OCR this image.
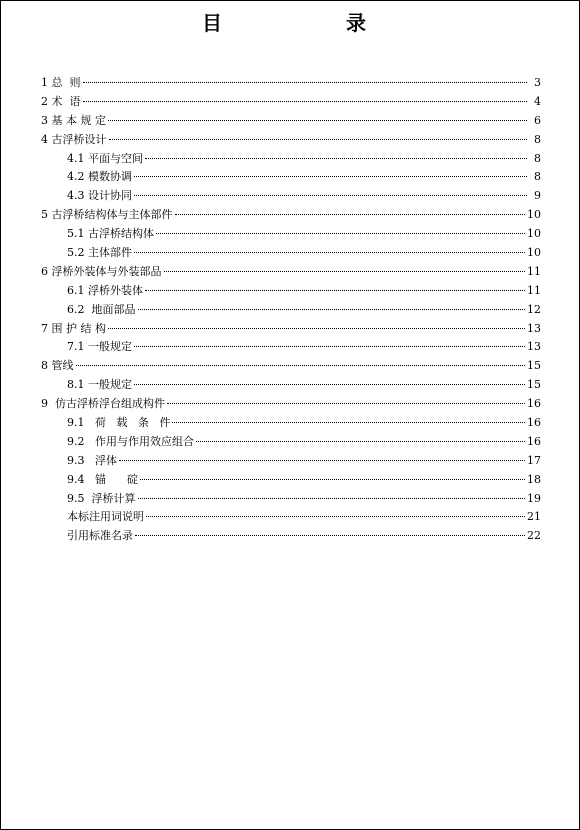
目　　录
1 总  则	3
2 术  语	4
3 基 本 规 定	6
4 古浮桥设计	8
4.1 平面与空间	8
4.2 模数协调	8
4.3 设计协同	9
5 古浮桥结构体与主体部件	10
5.1 古浮桥结构体	10
5.2 主体部件	10
6 浮桥外装体与外装部品	11
6.1 浮桥外装体	11
6.2  地面部品	12
7 围 护 结 构	13
7.1 一般规定	13
8 管线	15
8.1 一般规定	15
9  仿古浮桥浮台组成构件	16
9.1   荷   载   条   件	16
9.2   作用与作用效应组合	16
9.3   浮体	17
9.4   锚      碇	18
9.5  浮桥计算	19
本标注用词说明	21
引用标准名录	22
